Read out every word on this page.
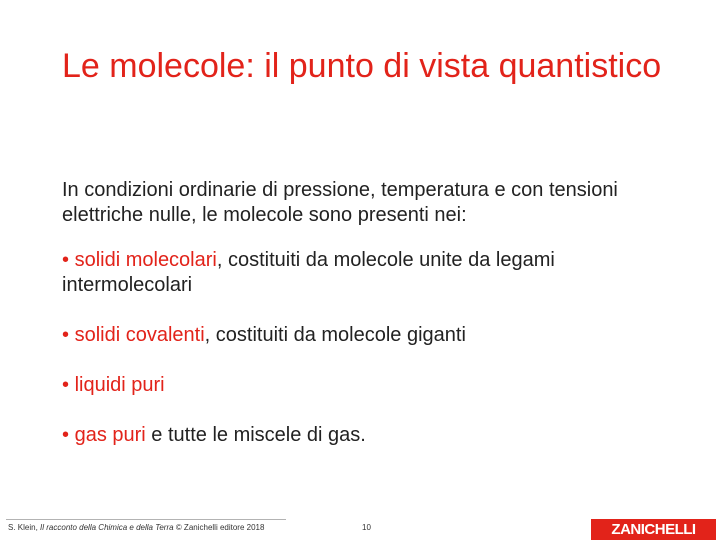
Le molecole: il punto di vista quantistico

In condizioni ordinarie di pressione, temperatura e con tensioni elettriche nulle, le molecole sono presenti nei:

• solidi molecolari, costituiti da molecole unite da legami intermolecolari

• solidi covalenti, costituiti da molecole giganti

• liquidi puri

• gas puri e tutte le miscele di gas.

S. Klein, Il racconto della Chimica e della Terra © Zanichelli editore 2018	10	ZANICHELLI
